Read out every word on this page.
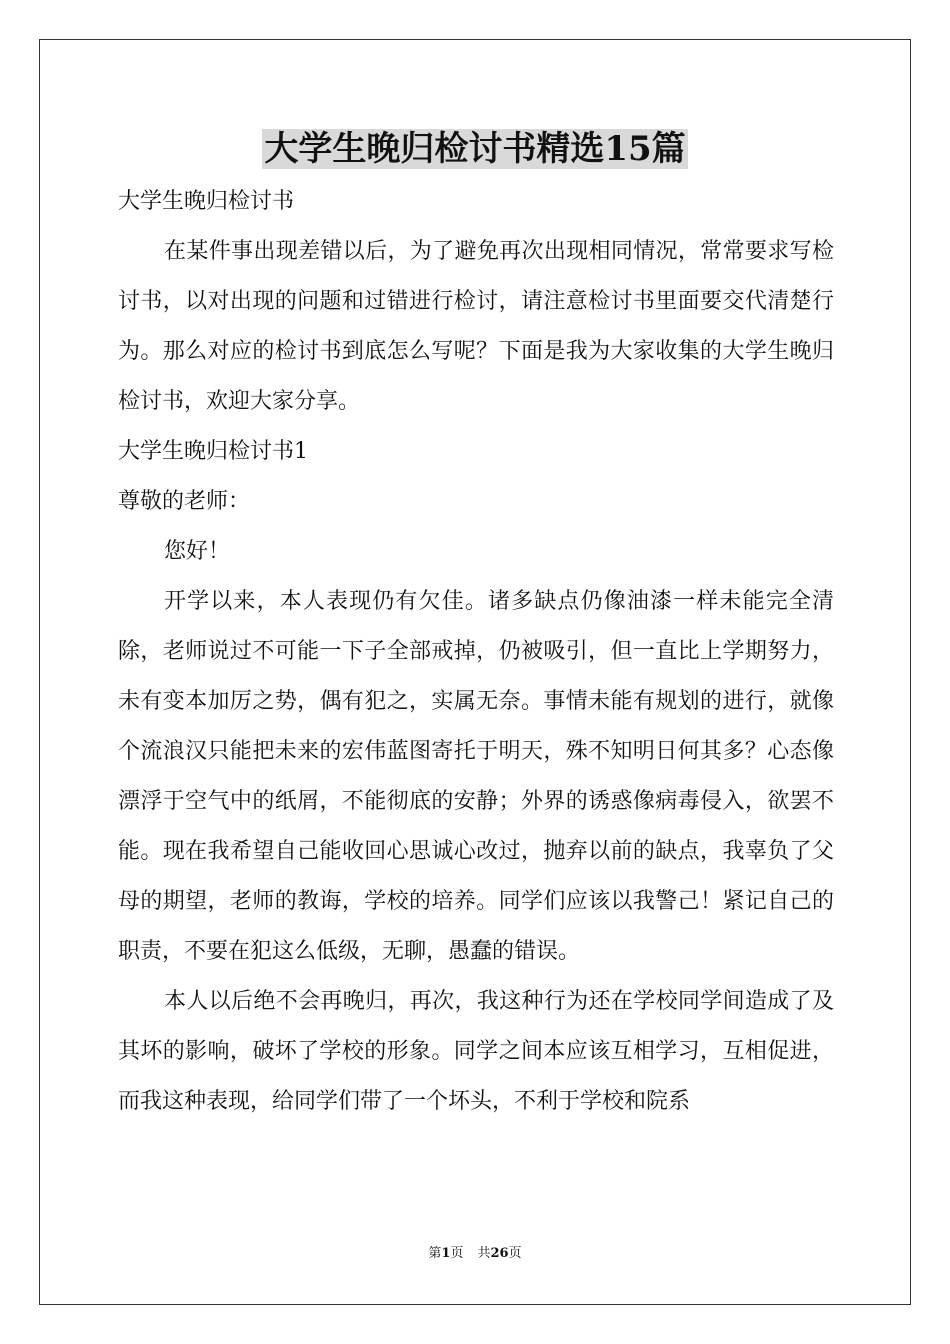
大学生晚归检讨书精选15篇

大学生晚归检讨书

在某件事出现差错以后，为了避免再次出现相同情况，常常要求写检讨书，以对出现的问题和过错进行检讨，请注意检讨书里面要交代清楚行为。那么对应的检讨书到底怎么写呢？下面是我为大家收集的大学生晚归检讨书，欢迎大家分享。

大学生晚归检讨书1

尊敬的老师：

您好！

开学以来，本人表现仍有欠佳。诸多缺点仍像油漆一样未能完全清除，老师说过不可能一下子全部戒掉，仍被吸引，但一直比上学期努力，未有变本加厉之势，偶有犯之，实属无奈。事情未能有规划的进行，就像个流浪汉只能把未来的宏伟蓝图寄托于明天，殊不知明日何其多？心态像漂浮于空气中的纸屑，不能彻底的安静；外界的诱惑像病毒侵入，欲罢不能。现在我希望自己能收回心思诚心改过，抛弃以前的缺点，我辜负了父母的期望，老师的教诲，学校的培养。同学们应该以我警己！紧记自己的职责，不要在犯这么低级，无聊，愚蠢的错误。

本人以后绝不会再晚归，再次，我这种行为还在学校同学间造成了及其坏的影响，破坏了学校的形象。同学之间本应该互相学习，互相促进，而我这种表现，给同学们带了一个坏头，不利于学校和院系

第1页 共26页
